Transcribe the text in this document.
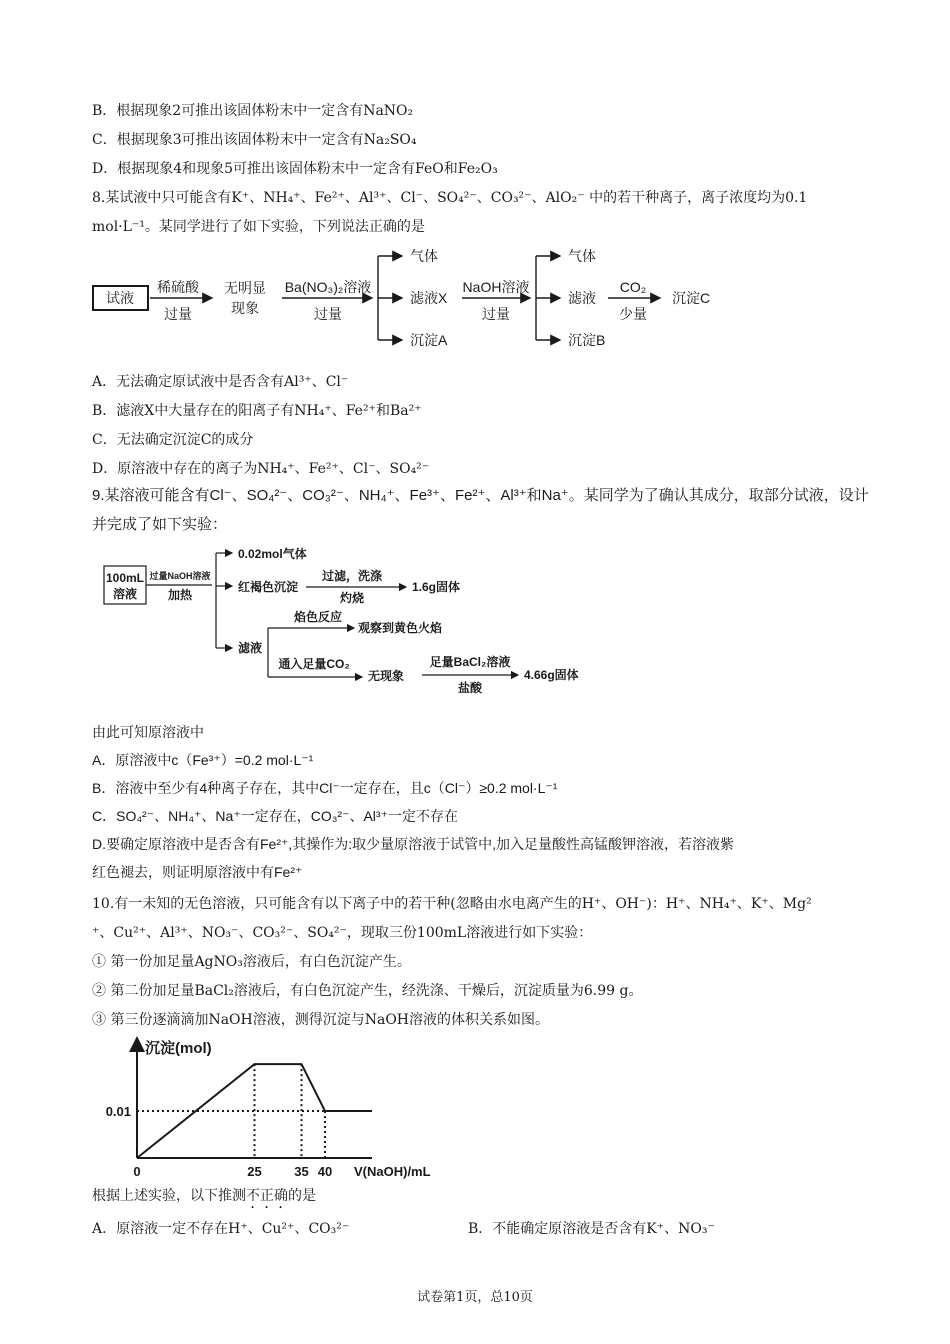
B．根据现象2可推出该固体粉末中一定含有NaNO₂
C．根据现象3可推出该固体粉末中一定含有Na₂SO₄
D．根据现象4和现象5可推出该固体粉末中一定含有FeO和Fe₂O₃
8.某试液中只可能含有K⁺、NH₄⁺、Fe²⁺、Al³⁺、Cl⁻、SO₄²⁻、CO₃²⁻、AlO₂⁻ 中的若干种离子，离子浓度均为0.1
mol·L⁻¹。某同学进行了如下实验，下列说法正确的是
试液
稀硫酸
过量
无明显
现象
Ba(NO₃)₂溶液
过量
气体
滤液X
沉淀A
NaOH溶液
过量
气体
滤液
沉淀B
CO₂
少量
沉淀C
A．无法确定原试液中是否含有Al³⁺、Cl⁻
B．滤液X中大量存在的阳离子有NH₄⁺、Fe²⁺和Ba²⁺
C．无法确定沉淀C的成分
D．原溶液中存在的离子为NH₄⁺、Fe²⁺、Cl⁻、SO₄²⁻
9.某溶液可能含有Cl⁻、SO₄²⁻、CO₃²⁻、NH₄⁺、Fe³⁺、Fe²⁺、Al³⁺和Na⁺。某同学为了确认其成分，取部分试液，设计
并完成了如下实验：
100mL
溶液
过量NaOH溶液
加热
0.02mol气体
红褐色沉淀
过滤，洗涤
灼烧
1.6g固体
滤液
焰色反应
观察到黄色火焰
通入足量CO₂
无现象
足量BaCl₂溶液
盐酸
4.66g固体
由此可知原溶液中
A．原溶液中c（Fe³⁺）=0.2 mol·L⁻¹
B．溶液中至少有4种离子存在，其中Cl⁻一定存在，且c（Cl⁻）≥0.2 mol·L⁻¹
C．SO₄²⁻、NH₄⁺、Na⁺一定存在，CO₃²⁻、Al³⁺一定不存在
D.要确定原溶液中是否含有Fe²⁺,其操作为:取少量原溶液于试管中,加入足量酸性高锰酸钾溶液，若溶液紫
红色褪去，则证明原溶液中有Fe²⁺
10.有一未知的无色溶液，只可能含有以下离子中的若干种(忽略由水电离产生的H⁺、OH⁻)：H⁺、NH₄⁺、K⁺、Mg²
⁺、Cu²⁺、Al³⁺、NO₃⁻、CO₃²⁻、SO₄²⁻，现取三份100mL溶液进行如下实验：
① 第一份加足量AgNO₃溶液后，有白色沉淀产生。
② 第二份加足量BaCl₂溶液后，有白色沉淀产生，经洗涤、干燥后，沉淀质量为6.99 g。
③ 第三份逐滴滴加NaOH溶液，测得沉淀与NaOH溶液的体积关系如图。
0	25	35 40
0.01
沉淀(mol)
V(NaOH)/mL
根据上述实验，以下推测不正确的是
A．原溶液一定不存在H⁺、Cu²⁺、CO₃²⁻	B．不能确定原溶液是否含有K⁺、NO₃⁻
试卷第1页，总10页
